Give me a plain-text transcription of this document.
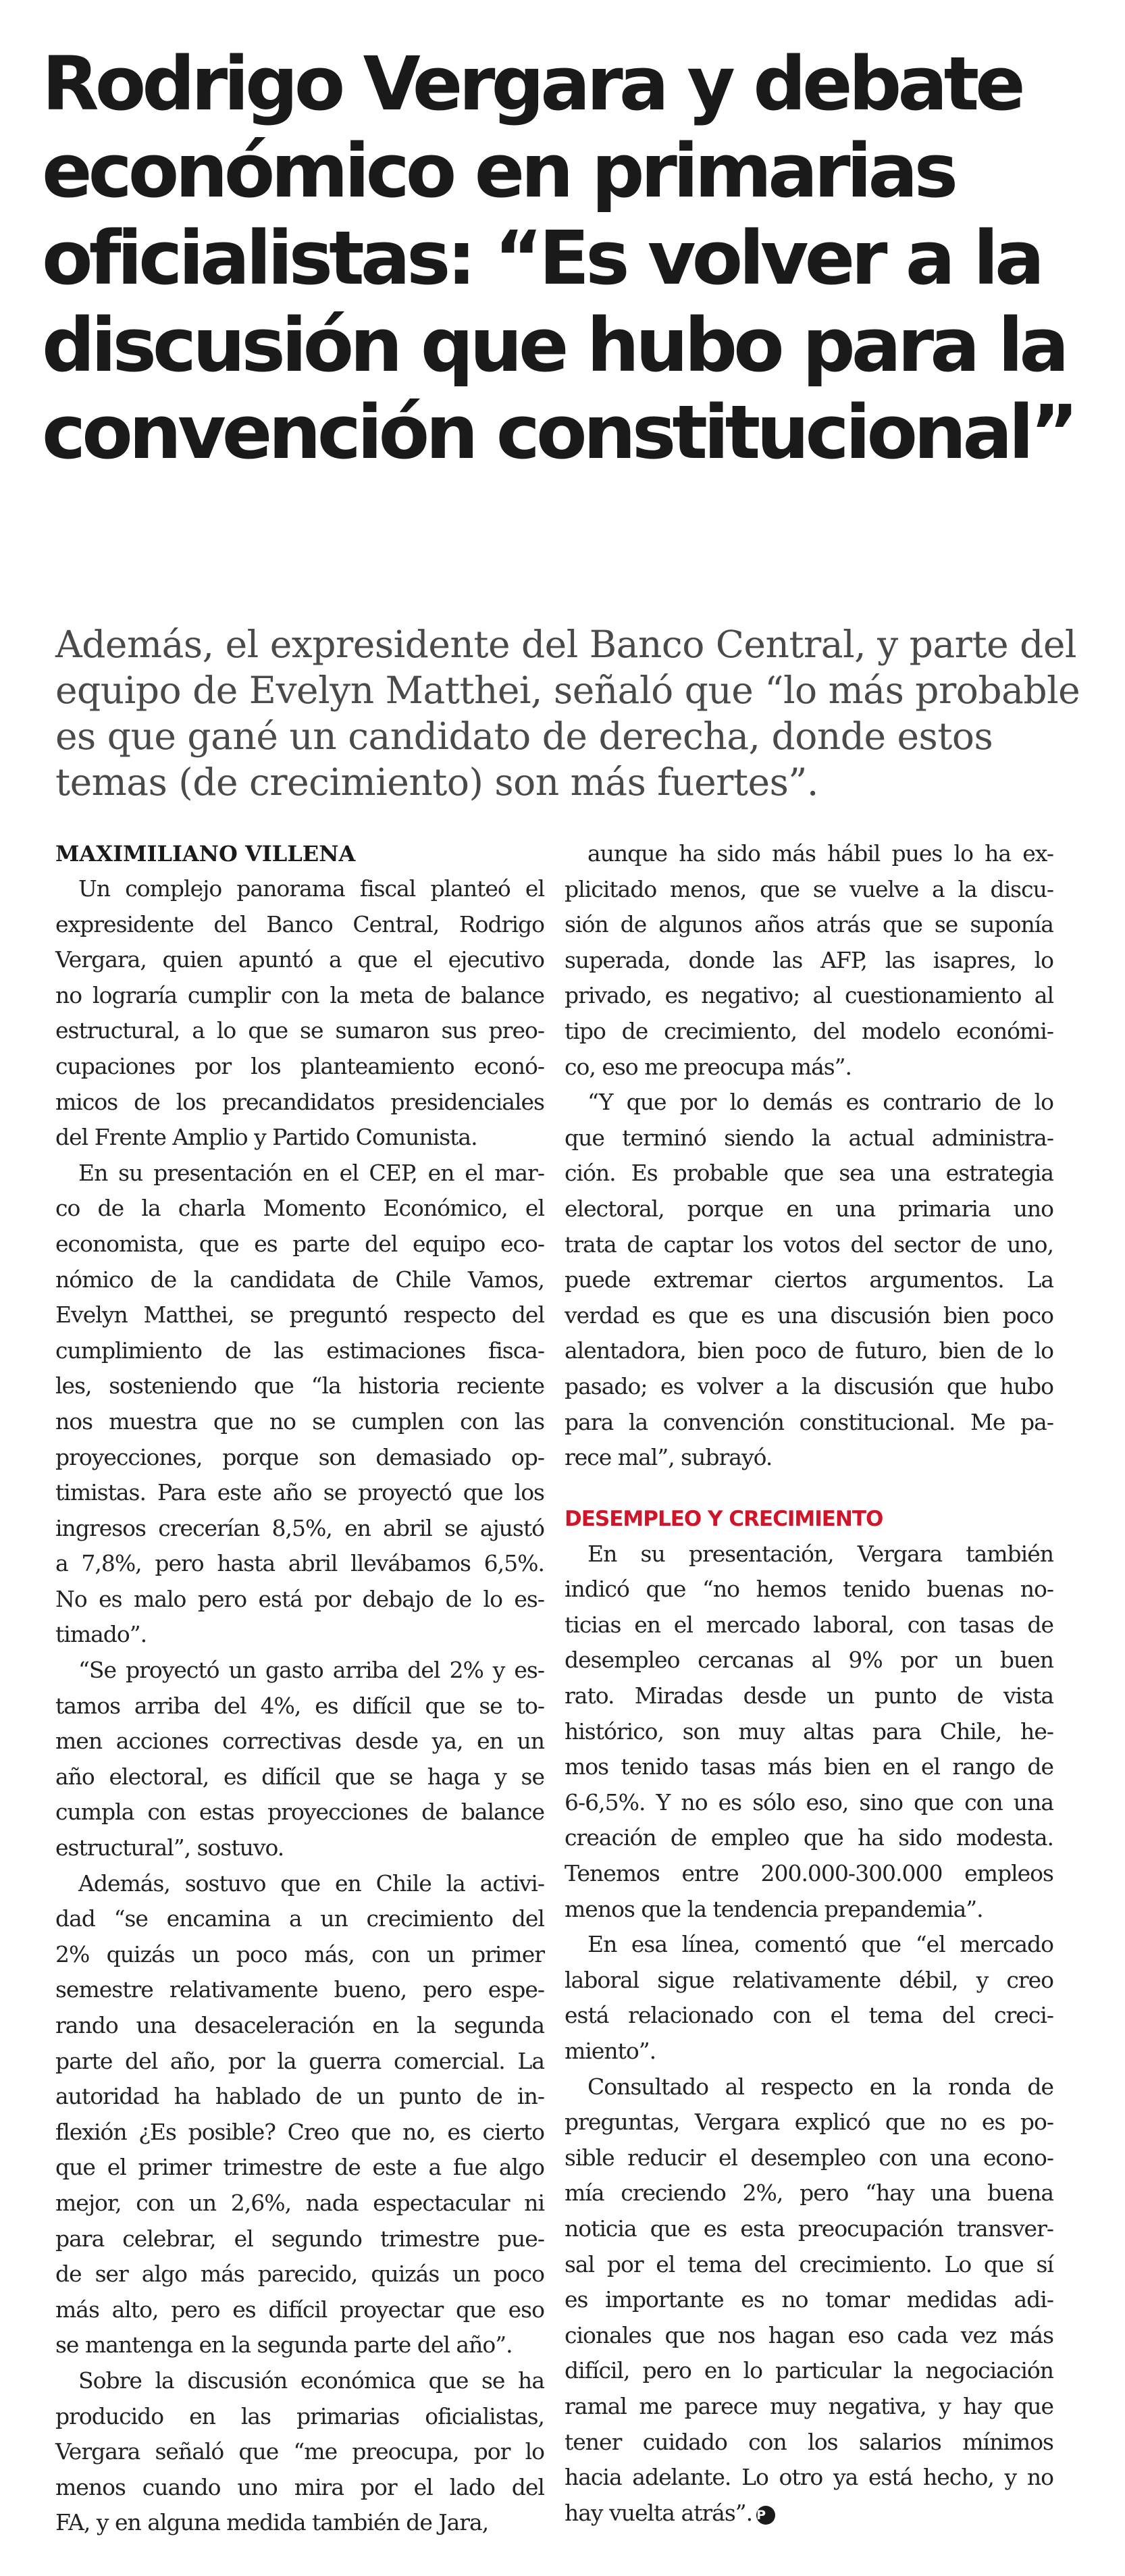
Rodrigo Vergara y debate
económico en primarias
oficialistas: “Es volver a la
discusión que hubo para la
convención constitucional”

Además, el expresidente del Banco Central, y parte del
equipo de Evelyn Matthei, señaló que “lo más probable
es que gané un candidato de derecha, donde estos
temas (de crecimiento) son más fuertes”.

MAXIMILIANO VILLENA
Un complejo panorama fiscal planteó el
expresidente del Banco Central, Rodrigo
Vergara, quien apuntó a que el ejecutivo
no lograría cumplir con la meta de balance
estructural, a lo que se sumaron sus preo-
cupaciones por los planteamiento econó-
micos de los precandidatos presidenciales
del Frente Amplio y Partido Comunista.
En su presentación en el CEP, en el mar-
co de la charla Momento Económico, el
economista, que es parte del equipo eco-
nómico de la candidata de Chile Vamos,
Evelyn Matthei, se preguntó respecto del
cumplimiento de las estimaciones fisca-
les, sosteniendo que “la historia reciente
nos muestra que no se cumplen con las
proyecciones, porque son demasiado op-
timistas. Para este año se proyectó que los
ingresos crecerían 8,5%, en abril se ajustó
a 7,8%, pero hasta abril llevábamos 6,5%.
No es malo pero está por debajo de lo es-
timado”.
“Se proyectó un gasto arriba del 2% y es-
tamos arriba del 4%, es difícil que se to-
men acciones correctivas desde ya, en un
año electoral, es difícil que se haga y se
cumpla con estas proyecciones de balance
estructural”, sostuvo.
Además, sostuvo que en Chile la activi-
dad “se encamina a un crecimiento del
2% quizás un poco más, con un primer
semestre relativamente bueno, pero espe-
rando una desaceleración en la segunda
parte del año, por la guerra comercial. La
autoridad ha hablado de un punto de in-
flexión ¿Es posible? Creo que no, es cierto
que el primer trimestre de este a fue algo
mejor, con un 2,6%, nada espectacular ni
para celebrar, el segundo trimestre pue-
de ser algo más parecido, quizás un poco
más alto, pero es difícil proyectar que eso
se mantenga en la segunda parte del año”.
Sobre la discusión económica que se ha
producido en las primarias oficialistas,
Vergara señaló que “me preocupa, por lo
menos cuando uno mira por el lado del
FA, y en alguna medida también de Jara,
aunque ha sido más hábil pues lo ha ex-
plicitado menos, que se vuelve a la discu-
sión de algunos años atrás que se suponía
superada, donde las AFP, las isapres, lo
privado, es negativo; al cuestionamiento al
tipo de crecimiento, del modelo económi-
co, eso me preocupa más”.
“Y que por lo demás es contrario de lo
que terminó siendo la actual administra-
ción. Es probable que sea una estrategia
electoral, porque en una primaria uno
trata de captar los votos del sector de uno,
puede extremar ciertos argumentos. La
verdad es que es una discusión bien poco
alentadora, bien poco de futuro, bien de lo
pasado; es volver a la discusión que hubo
para la convención constitucional. Me pa-
rece mal”, subrayó.
DESEMPLEO Y CRECIMIENTO
En su presentación, Vergara también
indicó que “no hemos tenido buenas no-
ticias en el mercado laboral, con tasas de
desempleo cercanas al 9% por un buen
rato. Miradas desde un punto de vista
histórico, son muy altas para Chile, he-
mos tenido tasas más bien en el rango de
6-6,5%. Y no es sólo eso, sino que con una
creación de empleo que ha sido modesta.
Tenemos entre 200.000-300.000 empleos
menos que la tendencia prepandemia”.
En esa línea, comentó que “el mercado
laboral sigue relativamente débil, y creo
está relacionado con el tema del creci-
miento”.
Consultado al respecto en la ronda de
preguntas, Vergara explicó que no es po-
sible reducir el desempleo con una econo-
mía creciendo 2%, pero “hay una buena
noticia que es esta preocupación transver-
sal por el tema del crecimiento. Lo que sí
es importante es no tomar medidas adi-
cionales que nos hagan eso cada vez más
difícil, pero en lo particular la negociación
ramal me parece muy negativa, y hay que
tener cuidado con los salarios mínimos
hacia adelante. Lo otro ya está hecho, y no
hay vuelta atrás”. P
